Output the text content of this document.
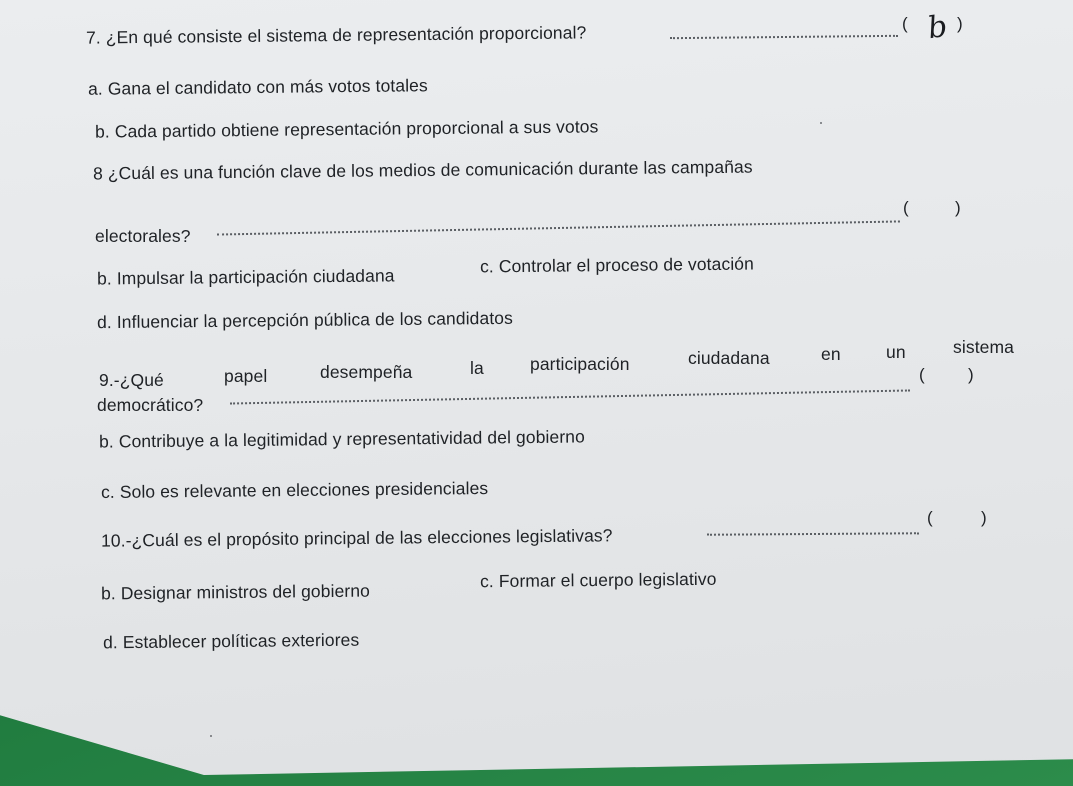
7. ¿En qué consiste el sistema de representación proporcional?	( b )
a. Gana el candidato con más votos totales
b. Cada partido obtiene representación proporcional a sus votos
8 ¿Cuál es una función clave de los medios de comunicación durante las campañas
electorales?
(	)
b. Impulsar la participación ciudadana
c. Controlar el proceso de votación
d. Influenciar la percepción pública de los candidatos
9.-¿Qué	papel	desempeña	la	participación	ciudadana	en	un	sistema
democrático?
(	)
b. Contribuye a la legitimidad y representatividad del gobierno
c. Solo es relevante en elecciones presidenciales
10.-¿Cuál es el propósito principal de las elecciones legislativas?
(	)
b. Designar ministros del gobierno
c. Formar el cuerpo legislativo
d. Establecer políticas exteriores
